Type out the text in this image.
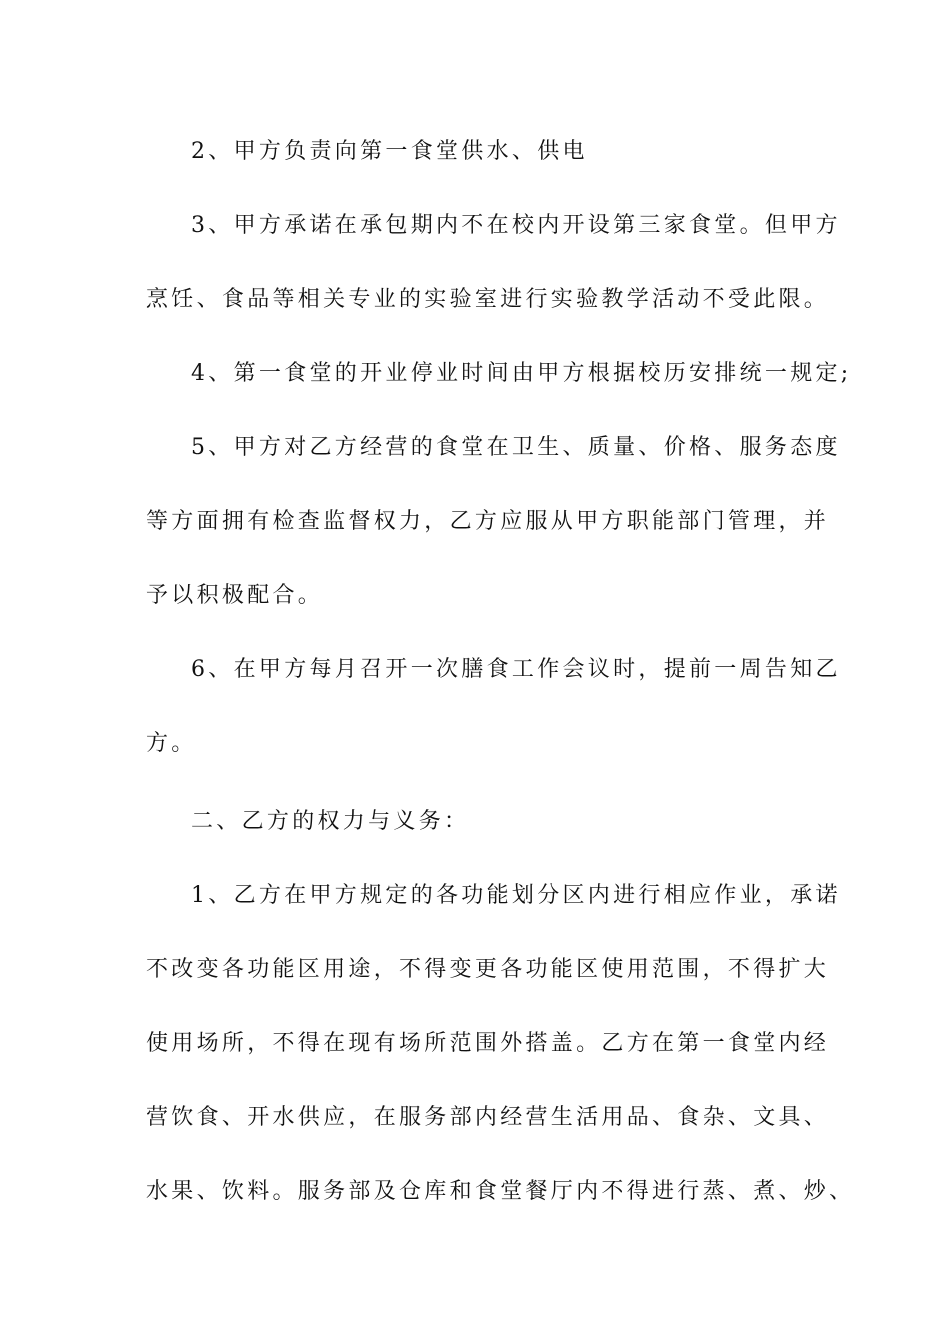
2、甲方负责向第一食堂供水、供电
3、甲方承诺在承包期内不在校内开设第三家食堂。但甲方
烹饪、食品等相关专业的实验室进行实验教学活动不受此限。
4、第一食堂的开业停业时间由甲方根据校历安排统一规定;
5、甲方对乙方经营的食堂在卫生、质量、价格、服务态度
等方面拥有检查监督权力，乙方应服从甲方职能部门管理，并
予以积极配合。
6、在甲方每月召开一次膳食工作会议时，提前一周告知乙
方。
二、乙方的权力与义务：
1、乙方在甲方规定的各功能划分区内进行相应作业，承诺
不改变各功能区用途，不得变更各功能区使用范围，不得扩大
使用场所，不得在现有场所范围外搭盖。乙方在第一食堂内经
营饮食、开水供应，在服务部内经营生活用品、食杂、文具、
水果、饮料。服务部及仓库和食堂餐厅内不得进行蒸、煮、炒、
